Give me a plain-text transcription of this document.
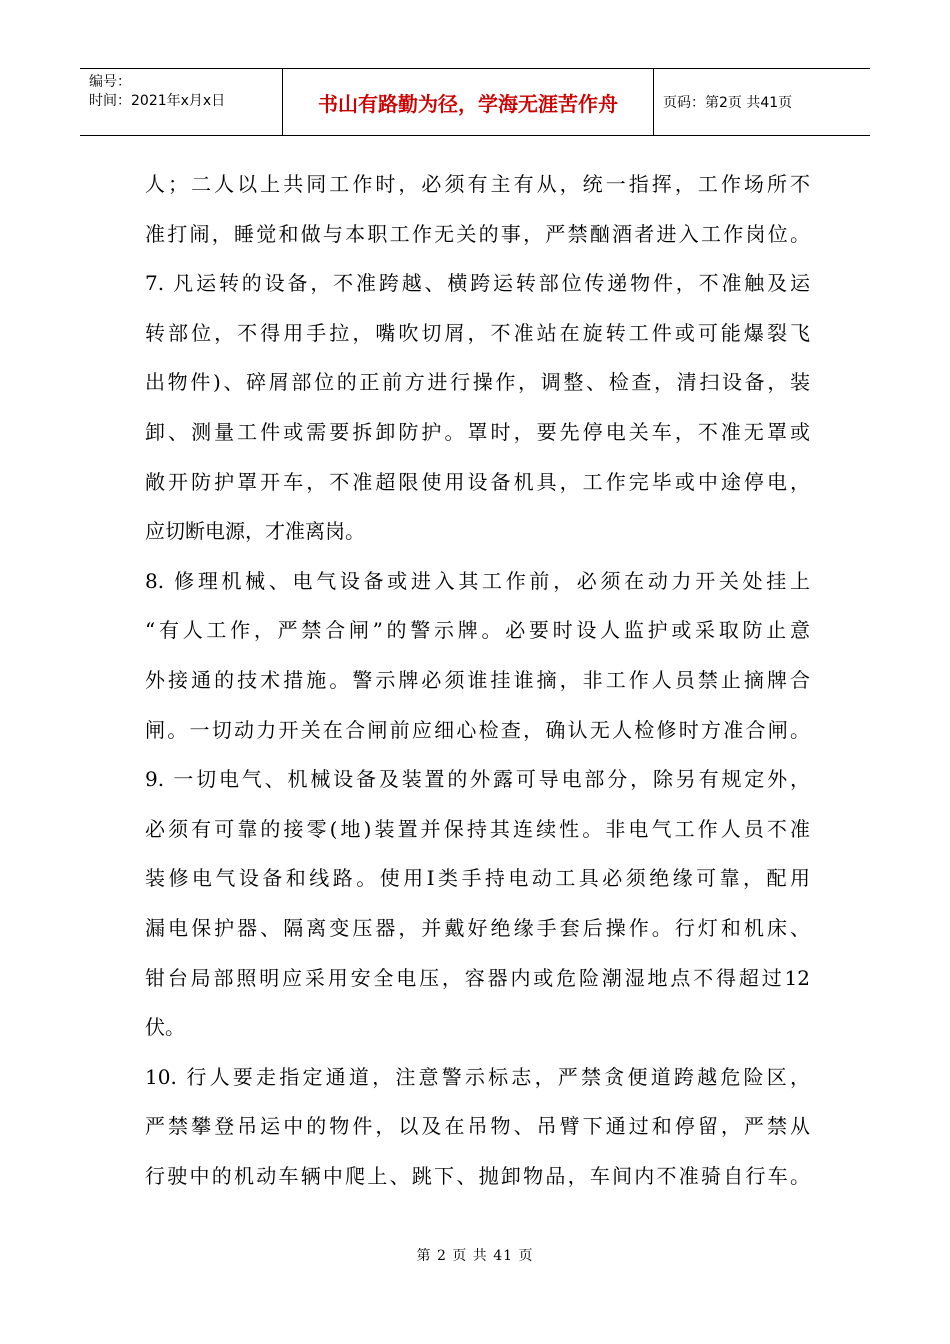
编号：
时间：2021年x月x日	书山有路勤为径，学海无涯苦作舟	页码：第2页 共41页
人；二人以上共同工作时，必须有主有从，统一指挥，工作场所不
准打闹，睡觉和做与本职工作无关的事，严禁酗酒者进入工作岗位。
7. 凡运转的设备，不准跨越、横跨运转部位传递物件，不准触及运
转部位，不得用手拉，嘴吹切屑，不准站在旋转工件或可能爆裂飞
出物件)、碎屑部位的正前方进行操作，调整、检查，清扫设备，装
卸、测量工件或需要拆卸防护。罩时，要先停电关车，不准无罩或
敞开防护罩开车，不准超限使用设备机具，工作完毕或中途停电，
应切断电源，才准离岗。
8. 修理机械、电气设备或进入其工作前，必须在动力开关处挂上
“有人工作，严禁合闸”的警示牌。必要时设人监护或采取防止意
外接通的技术措施。警示牌必须谁挂谁摘，非工作人员禁止摘牌合
闸。一切动力开关在合闸前应细心检查，确认无人检修时方准合闸。
9. 一切电气、机械设备及装置的外露可导电部分，除另有规定外，
必须有可靠的接零(地)装置并保持其连续性。非电气工作人员不准
装修电气设备和线路。使用Ⅰ类手持电动工具必须绝缘可靠，配用
漏电保护器、隔离变压器，并戴好绝缘手套后操作。行灯和机床、
钳台局部照明应采用安全电压，容器内或危险潮湿地点不得超过12
伏。
10. 行人要走指定通道，注意警示标志，严禁贪便道跨越危险区，
严禁攀登吊运中的物件，以及在吊物、吊臂下通过和停留，严禁从
行驶中的机动车辆中爬上、跳下、抛卸物品，车间内不准骑自行车。
第 2 页 共 41 页
